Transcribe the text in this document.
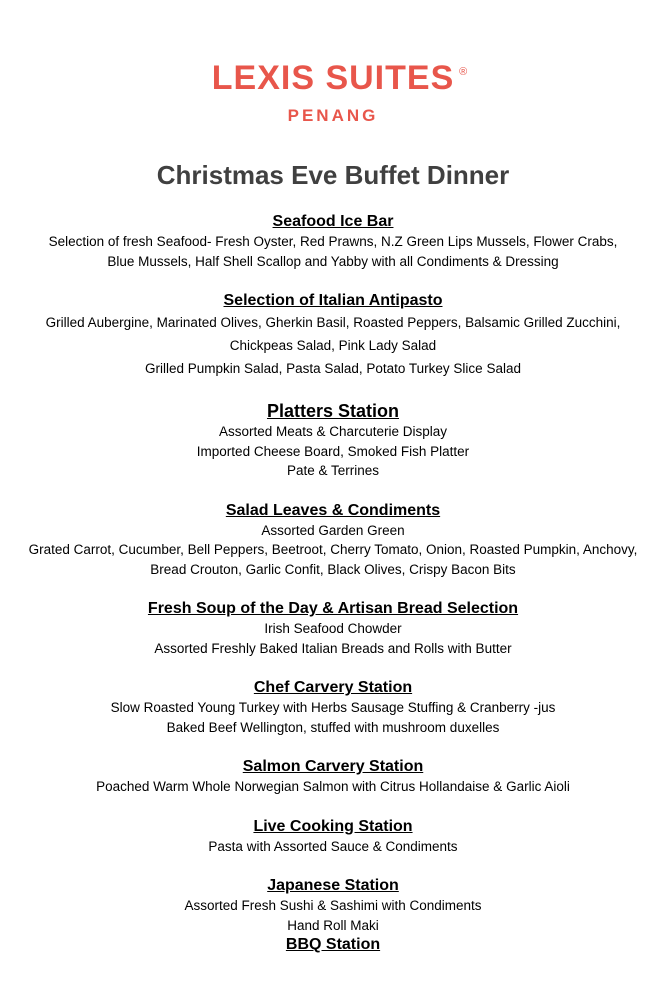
LEXIS SUITES ®
PENANG
Christmas Eve Buffet Dinner
Seafood Ice Bar
Selection of fresh Seafood- Fresh Oyster, Red Prawns, N.Z Green Lips Mussels, Flower Crabs,
Blue Mussels, Half Shell Scallop and Yabby with all Condiments & Dressing
Selection of Italian Antipasto
Grilled Aubergine, Marinated Olives, Gherkin Basil, Roasted Peppers, Balsamic Grilled Zucchini,
Chickpeas Salad, Pink Lady Salad
Grilled Pumpkin Salad, Pasta Salad, Potato Turkey Slice Salad
Platters Station
Assorted Meats & Charcuterie Display
Imported Cheese Board, Smoked Fish Platter
Pate & Terrines
Salad Leaves & Condiments
Assorted Garden Green
Grated Carrot, Cucumber, Bell Peppers, Beetroot, Cherry Tomato, Onion, Roasted Pumpkin, Anchovy,
Bread Crouton, Garlic Confit, Black Olives, Crispy Bacon Bits
Fresh Soup of the Day & Artisan Bread Selection
Irish Seafood Chowder
Assorted Freshly Baked Italian Breads and Rolls with Butter
Chef Carvery Station
Slow Roasted Young Turkey with Herbs Sausage Stuffing & Cranberry -jus
Baked Beef Wellington, stuffed with mushroom duxelles
Salmon Carvery Station
Poached Warm Whole Norwegian Salmon with Citrus Hollandaise & Garlic Aioli
Live Cooking Station
Pasta with Assorted Sauce & Condiments
Japanese Station
Assorted Fresh Sushi & Sashimi with Condiments
Hand Roll Maki
BBQ Station
